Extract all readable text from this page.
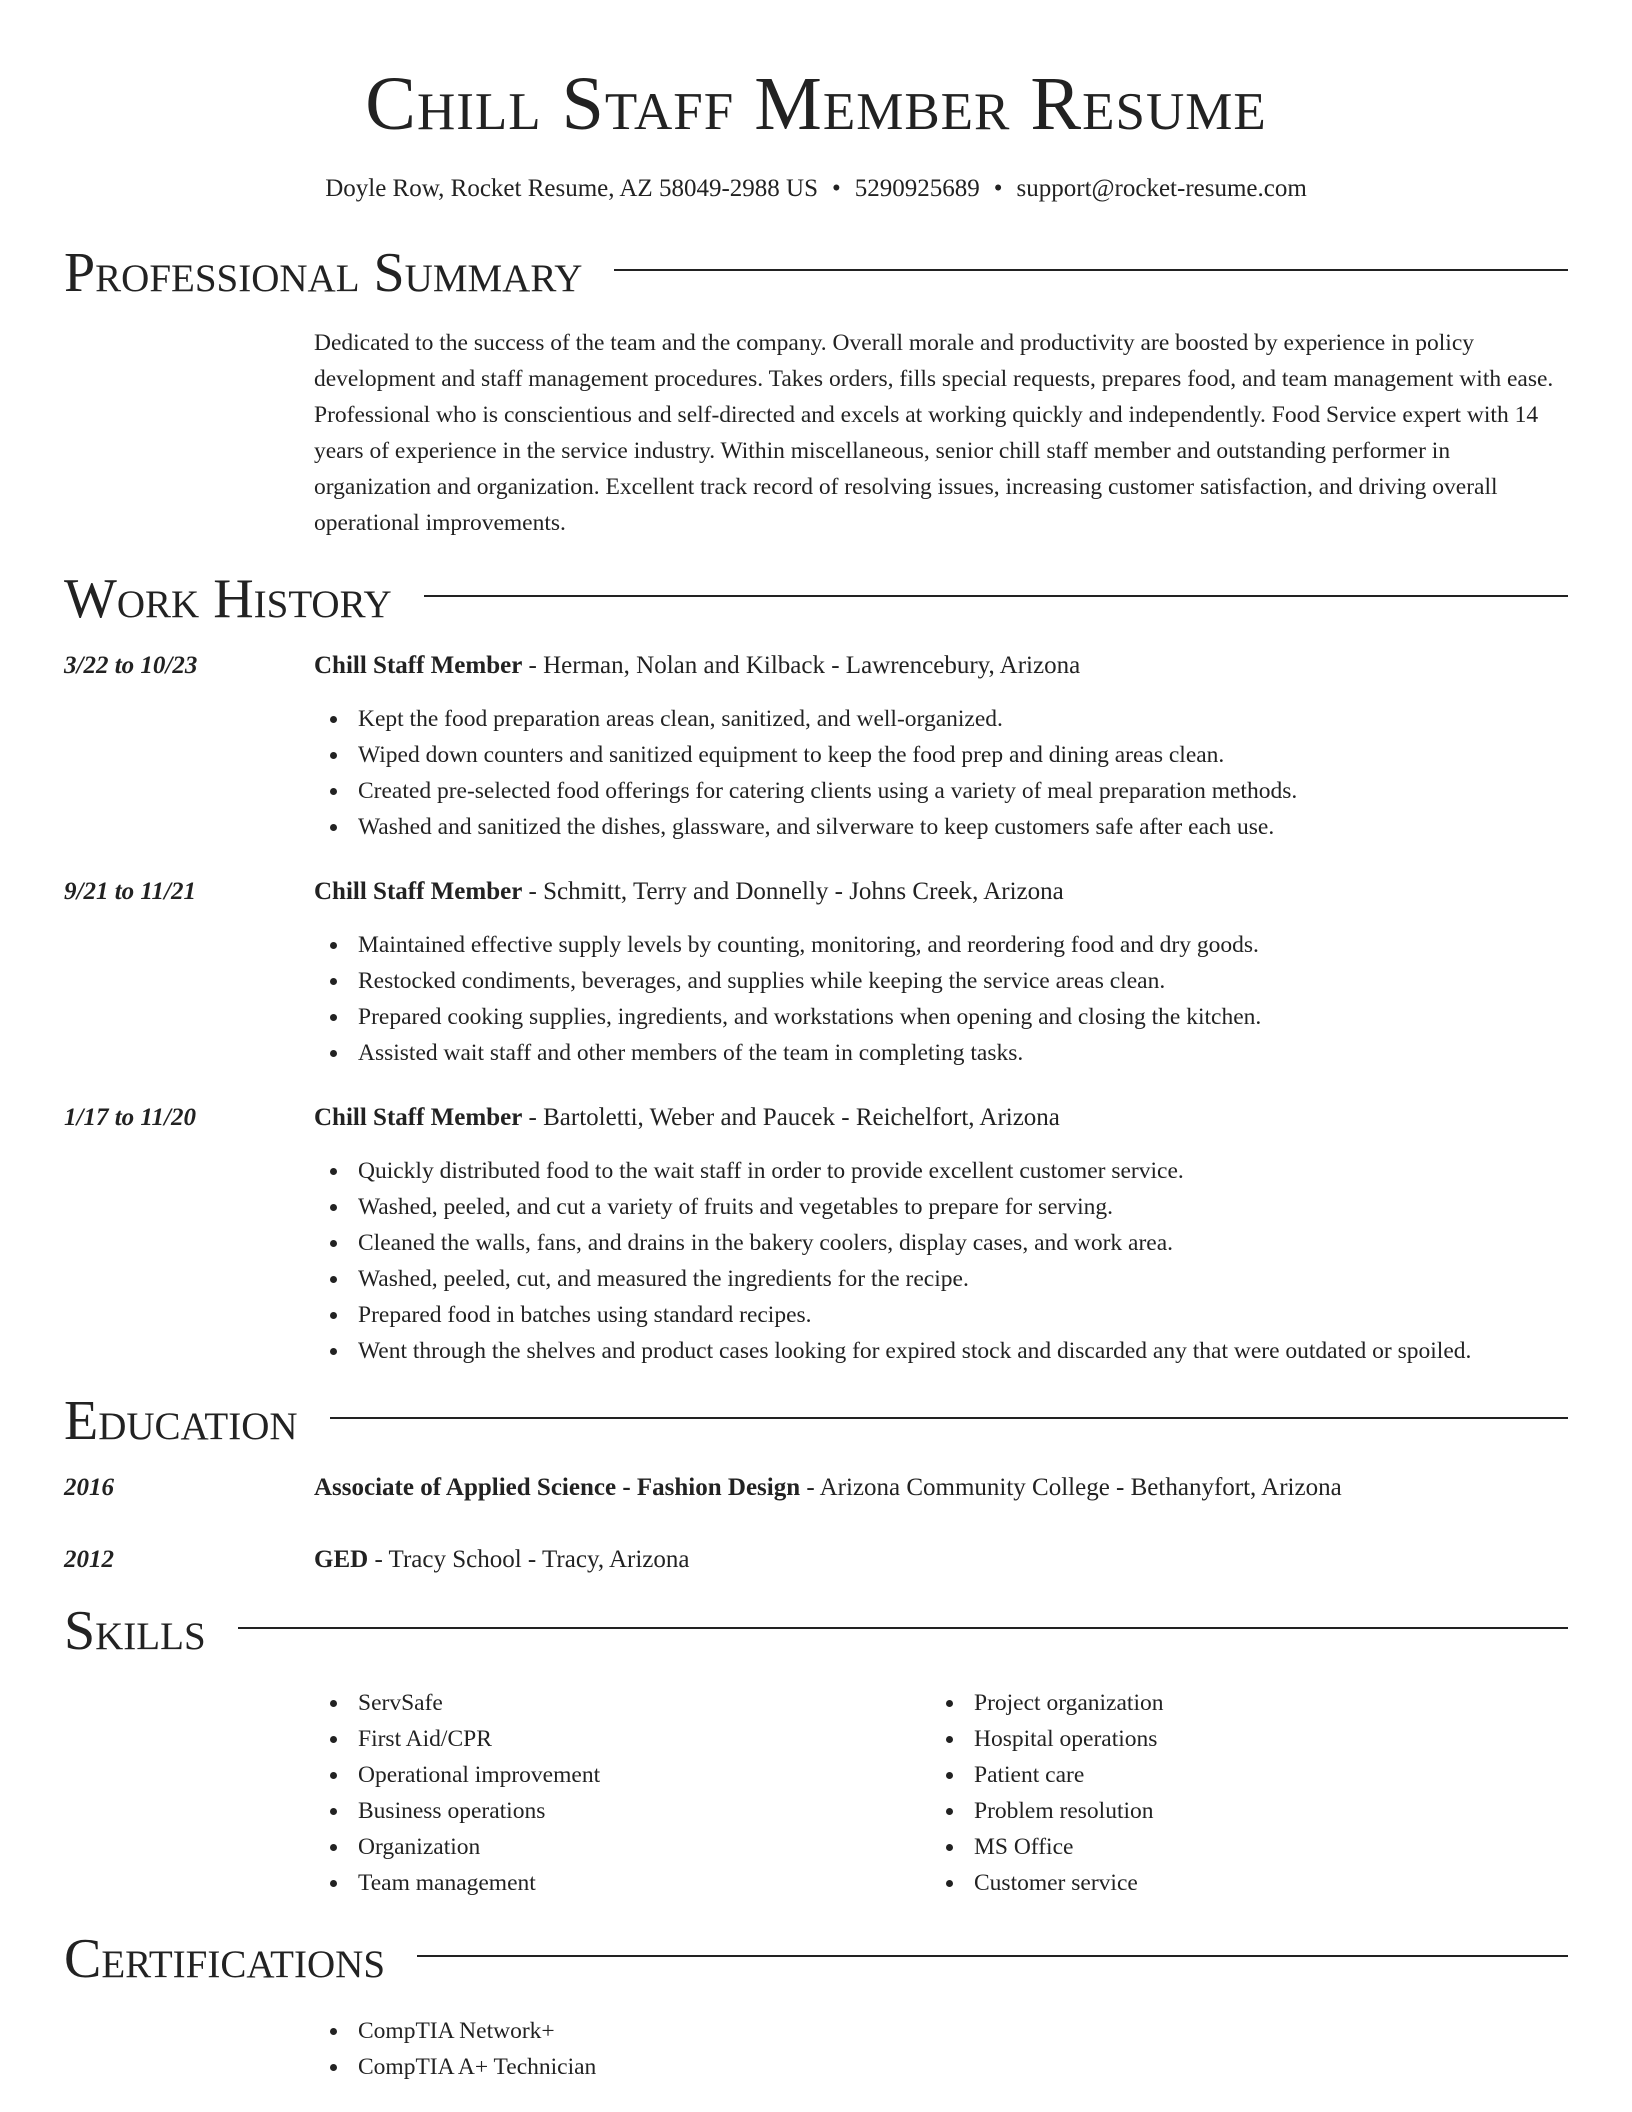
Chill Staff Member Resume
Doyle Row, Rocket Resume, AZ 58049-2988 US • 5290925689 • support@rocket-resume.com
Professional Summary
Dedicated to the success of the team and the company. Overall morale and productivity are boosted by experience in policy development and staff management procedures. Takes orders, fills special requests, prepares food, and team management with ease. Professional who is conscientious and self-directed and excels at working quickly and independently. Food Service expert with 14 years of experience in the service industry. Within miscellaneous, senior chill staff member and outstanding performer in organization and organization. Excellent track record of resolving issues, increasing customer satisfaction, and driving overall operational improvements.
Work History
3/22 to 10/23	Chill Staff Member - Herman, Nolan and Kilback - Lawrencebury, Arizona
Kept the food preparation areas clean, sanitized, and well-organized.
Wiped down counters and sanitized equipment to keep the food prep and dining areas clean.
Created pre-selected food offerings for catering clients using a variety of meal preparation methods.
Washed and sanitized the dishes, glassware, and silverware to keep customers safe after each use.
9/21 to 11/21	Chill Staff Member - Schmitt, Terry and Donnelly - Johns Creek, Arizona
Maintained effective supply levels by counting, monitoring, and reordering food and dry goods.
Restocked condiments, beverages, and supplies while keeping the service areas clean.
Prepared cooking supplies, ingredients, and workstations when opening and closing the kitchen.
Assisted wait staff and other members of the team in completing tasks.
1/17 to 11/20	Chill Staff Member - Bartoletti, Weber and Paucek - Reichelfort, Arizona
Quickly distributed food to the wait staff in order to provide excellent customer service.
Washed, peeled, and cut a variety of fruits and vegetables to prepare for serving.
Cleaned the walls, fans, and drains in the bakery coolers, display cases, and work area.
Washed, peeled, cut, and measured the ingredients for the recipe.
Prepared food in batches using standard recipes.
Went through the shelves and product cases looking for expired stock and discarded any that were outdated or spoiled.
Education
2016	Associate of Applied Science - Fashion Design - Arizona Community College - Bethanyfort, Arizona
2012	GED - Tracy School - Tracy, Arizona
Skills
ServSafe
First Aid/CPR
Operational improvement
Business operations
Organization
Team management
Project organization
Hospital operations
Patient care
Problem resolution
MS Office
Customer service
Certifications
CompTIA Network+
CompTIA A+ Technician
